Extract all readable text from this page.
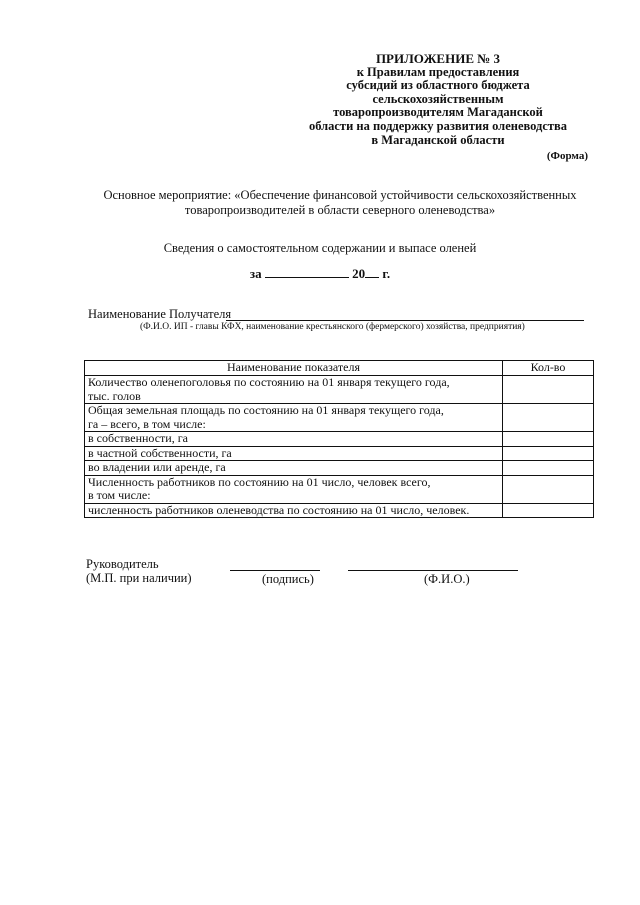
ПРИЛОЖЕНИЕ № 3
к Правилам предоставления
субсидий из областного бюджета
сельскохозяйственным
товаропроизводителям Магаданской
области на поддержку развития оленеводства
в Магаданской области
(Форма)
Основное мероприятие: «Обеспечение финансовой устойчивости сельскохозяйственных
товаропроизводителей в области северного оленеводства»
Сведения о самостоятельном содержании и выпасе оленей
за	20 г.
Наименование Получателя
(Ф.И.О. ИП - главы КФХ, наименование крестьянского (фермерского) хозяйства, предприятия)
Наименование показателя	Кол-во

Количество оленепоголовья по состоянию на 01 января текущего года,
тыс. голов	

Общая земельная площадь по состоянию на 01 января текущего года,
га – всего, в том числе:	

в собственности, га	
в частной собственности, га	
во владении или аренде, га	

Численность работников по состоянию на 01 число, человек всего,
в том числе:	

численность работников оленеводства по состоянию на 01 число, человек.	
Руководитель
(М.П. при наличии)	(подпись)	(Ф.И.О.)
